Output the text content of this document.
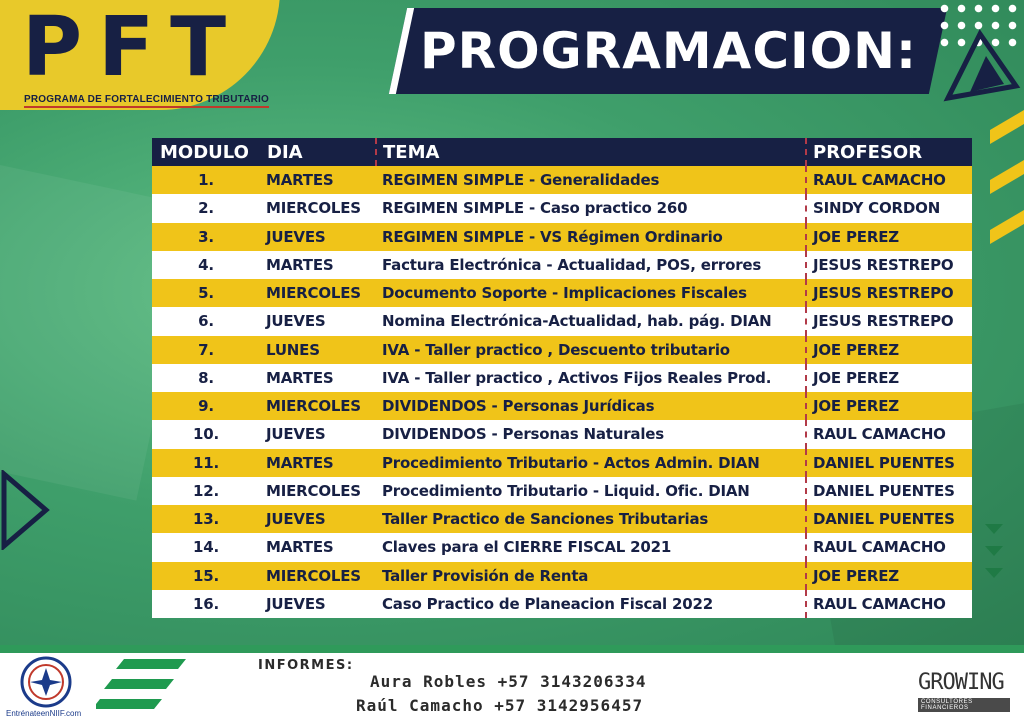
PFT
PROGRAMA DE FORTALECIMIENTO TRIBUTARIO
PROGRAMACION:
MODULO	DIA	TEMA	PROFESOR
1.	MARTES	REGIMEN SIMPLE - Generalidades	RAUL CAMACHO
2.	MIERCOLES	REGIMEN SIMPLE - Caso practico 260	SINDY CORDON
3.	JUEVES	REGIMEN SIMPLE - VS Régimen Ordinario	JOE PEREZ
4.	MARTES	Factura Electrónica - Actualidad, POS, errores	JESUS RESTREPO
5.	MIERCOLES	Documento Soporte - Implicaciones Fiscales	JESUS RESTREPO
6.	JUEVES	Nomina Electrónica-Actualidad, hab. pág. DIAN	JESUS RESTREPO
7.	LUNES	IVA - Taller practico , Descuento tributario	JOE PEREZ
8.	MARTES	IVA - Taller practico , Activos Fijos Reales Prod.	JOE PEREZ
9.	MIERCOLES	DIVIDENDOS - Personas Jurídicas	JOE PEREZ
10.	JUEVES	DIVIDENDOS - Personas Naturales	RAUL CAMACHO
11.	MARTES	Procedimiento Tributario - Actos Admin. DIAN	DANIEL PUENTES
12.	MIERCOLES	Procedimiento Tributario - Liquid. Ofic. DIAN	DANIEL PUENTES
13.	JUEVES	Taller Practico de Sanciones Tributarias	DANIEL PUENTES
14.	MARTES	Claves para el CIERRE FISCAL 2021	RAUL CAMACHO
15.	MIERCOLES	Taller Provisión de Renta	JOE PEREZ
16.	JUEVES	Caso Practico de Planeacion Fiscal 2022	RAUL CAMACHO
EntrénateenNIIF.com
INFORMES:
Aura Robles +57 3143206334
Raúl Camacho +57 3142956457
GROWING
CONSULTORES FINANCIEROS
